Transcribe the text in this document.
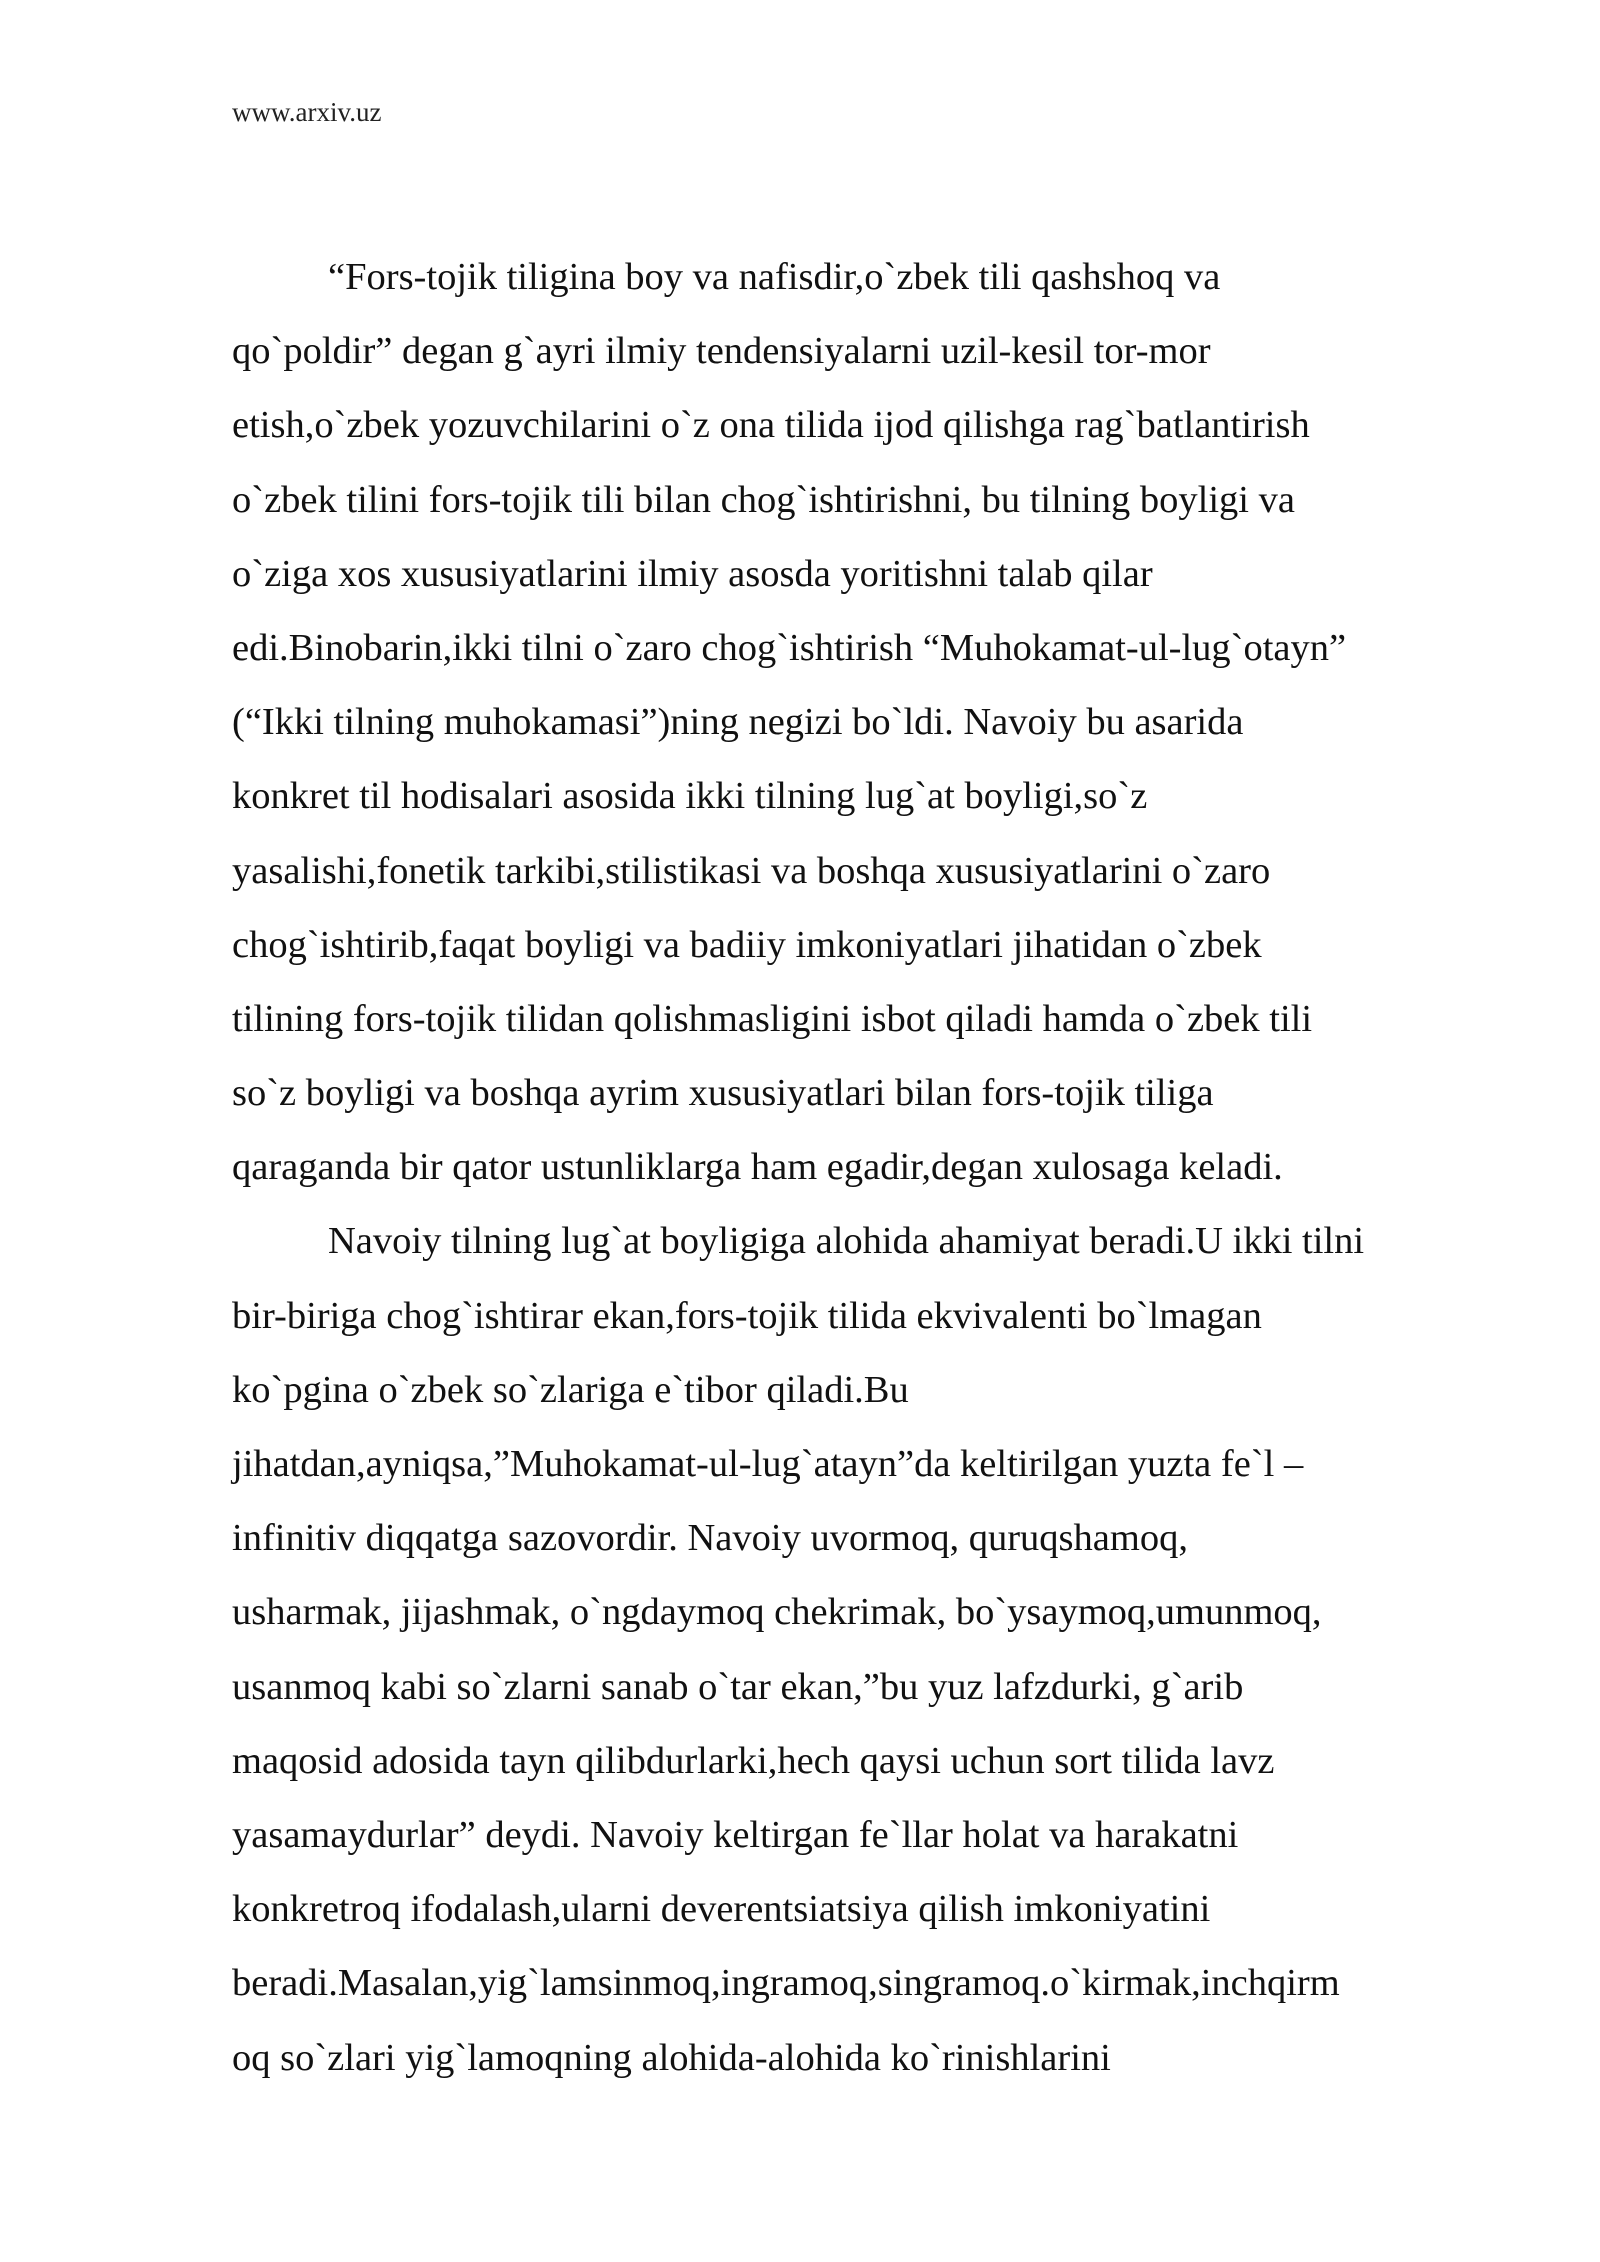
www.arxiv.uz
“Fors-tojik tiligina boy va nafisdir,o`zbek tili qashshoq va
qo`poldir” degan g`ayri ilmiy tendensiyalarni uzil-kesil tor-mor
etish,o`zbek yozuvchilarini o`z ona tilida ijod qilishga rag`batlantirish
o`zbek tilini fors-tojik tili bilan chog`ishtirishni, bu tilning boyligi va
o`ziga xos xususiyatlarini ilmiy asosda yoritishni talab qilar
edi.Binobarin,ikki tilni o`zaro chog`ishtirish “Muhokamat-ul-lug`otayn”
(“Ikki tilning muhokamasi”)ning negizi bo`ldi. Navoiy bu asarida
konkret til hodisalari asosida ikki tilning lug`at boyligi,so`z
yasalishi,fonetik tarkibi,stilistikasi va boshqa xususiyatlarini o`zaro
chog`ishtirib,faqat boyligi va badiiy imkoniyatlari jihatidan o`zbek
tilining fors-tojik tilidan qolishmasligini isbot qiladi hamda o`zbek tili
so`z boyligi va boshqa ayrim xususiyatlari bilan fors-tojik tiliga
qaraganda bir qator ustunliklarga ham egadir,degan xulosaga keladi.
Navoiy tilning lug`at boyligiga alohida ahamiyat beradi.U ikki tilni
bir-biriga chog`ishtirar ekan,fors-tojik tilida ekvivalenti bo`lmagan
ko`pgina o`zbek so`zlariga e`tibor qiladi.Bu
jihatdan,ayniqsa,”Muhokamat-ul-lug`atayn”da keltirilgan yuzta fe`l –
infinitiv diqqatga sazovordir. Navoiy uvormoq, quruqshamoq,
usharmak, jijashmak, o`ngdaymoq chekrimak, bo`ysaymoq,umunmoq,
usanmoq kabi so`zlarni sanab o`tar ekan,”bu yuz lafzdurki, g`arib
maqosid adosida tayn qilibdurlarki,hech qaysi uchun sort tilida lavz
yasamaydurlar” deydi. Navoiy keltirgan fe`llar holat va harakatni
konkretroq ifodalash,ularni deverentsiatsiya qilish imkoniyatini
beradi.Masalan,yig`lamsinmoq,ingramoq,singramoq.o`kirmak,inchqirm
oq so`zlari yig`lamoqning alohida-alohida ko`rinishlarini
